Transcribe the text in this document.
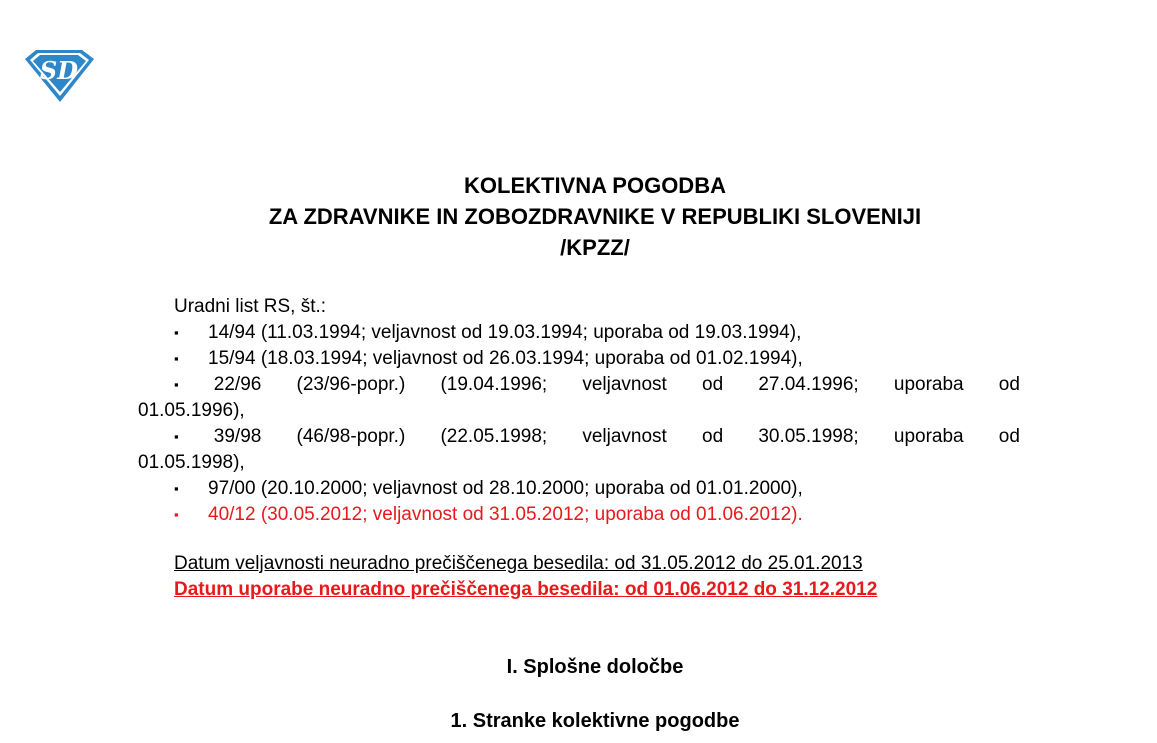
SD
KOLEKTIVNA POGODBA
ZA ZDRAVNIKE IN ZOBOZDRAVNIKE V REPUBLIKI SLOVENIJI
/KPZZ/
Uradni list RS, št.:
▪ 14/94 (11.03.1994; veljavnost od 19.03.1994; uporaba od 19.03.1994),
▪ 15/94 (18.03.1994; veljavnost od 26.03.1994; uporaba od 01.02.1994),
▪ 22/96 (23/96-popr.) (19.04.1996; veljavnost od 27.04.1996; uporaba od
01.05.1996),
▪ 39/98 (46/98-popr.) (22.05.1998; veljavnost od 30.05.1998; uporaba od
01.05.1998),
▪ 97/00 (20.10.2000; veljavnost od 28.10.2000; uporaba od 01.01.2000),
▪ 40/12 (30.05.2012; veljavnost od 31.05.2012; uporaba od 01.06.2012).
Datum veljavnosti neuradno prečiščenega besedila: od 31.05.2012 do 25.01.2013
Datum uporabe neuradno prečiščenega besedila: od 01.06.2012 do 31.12.2012
I. Splošne določbe
1. Stranke kolektivne pogodbe
